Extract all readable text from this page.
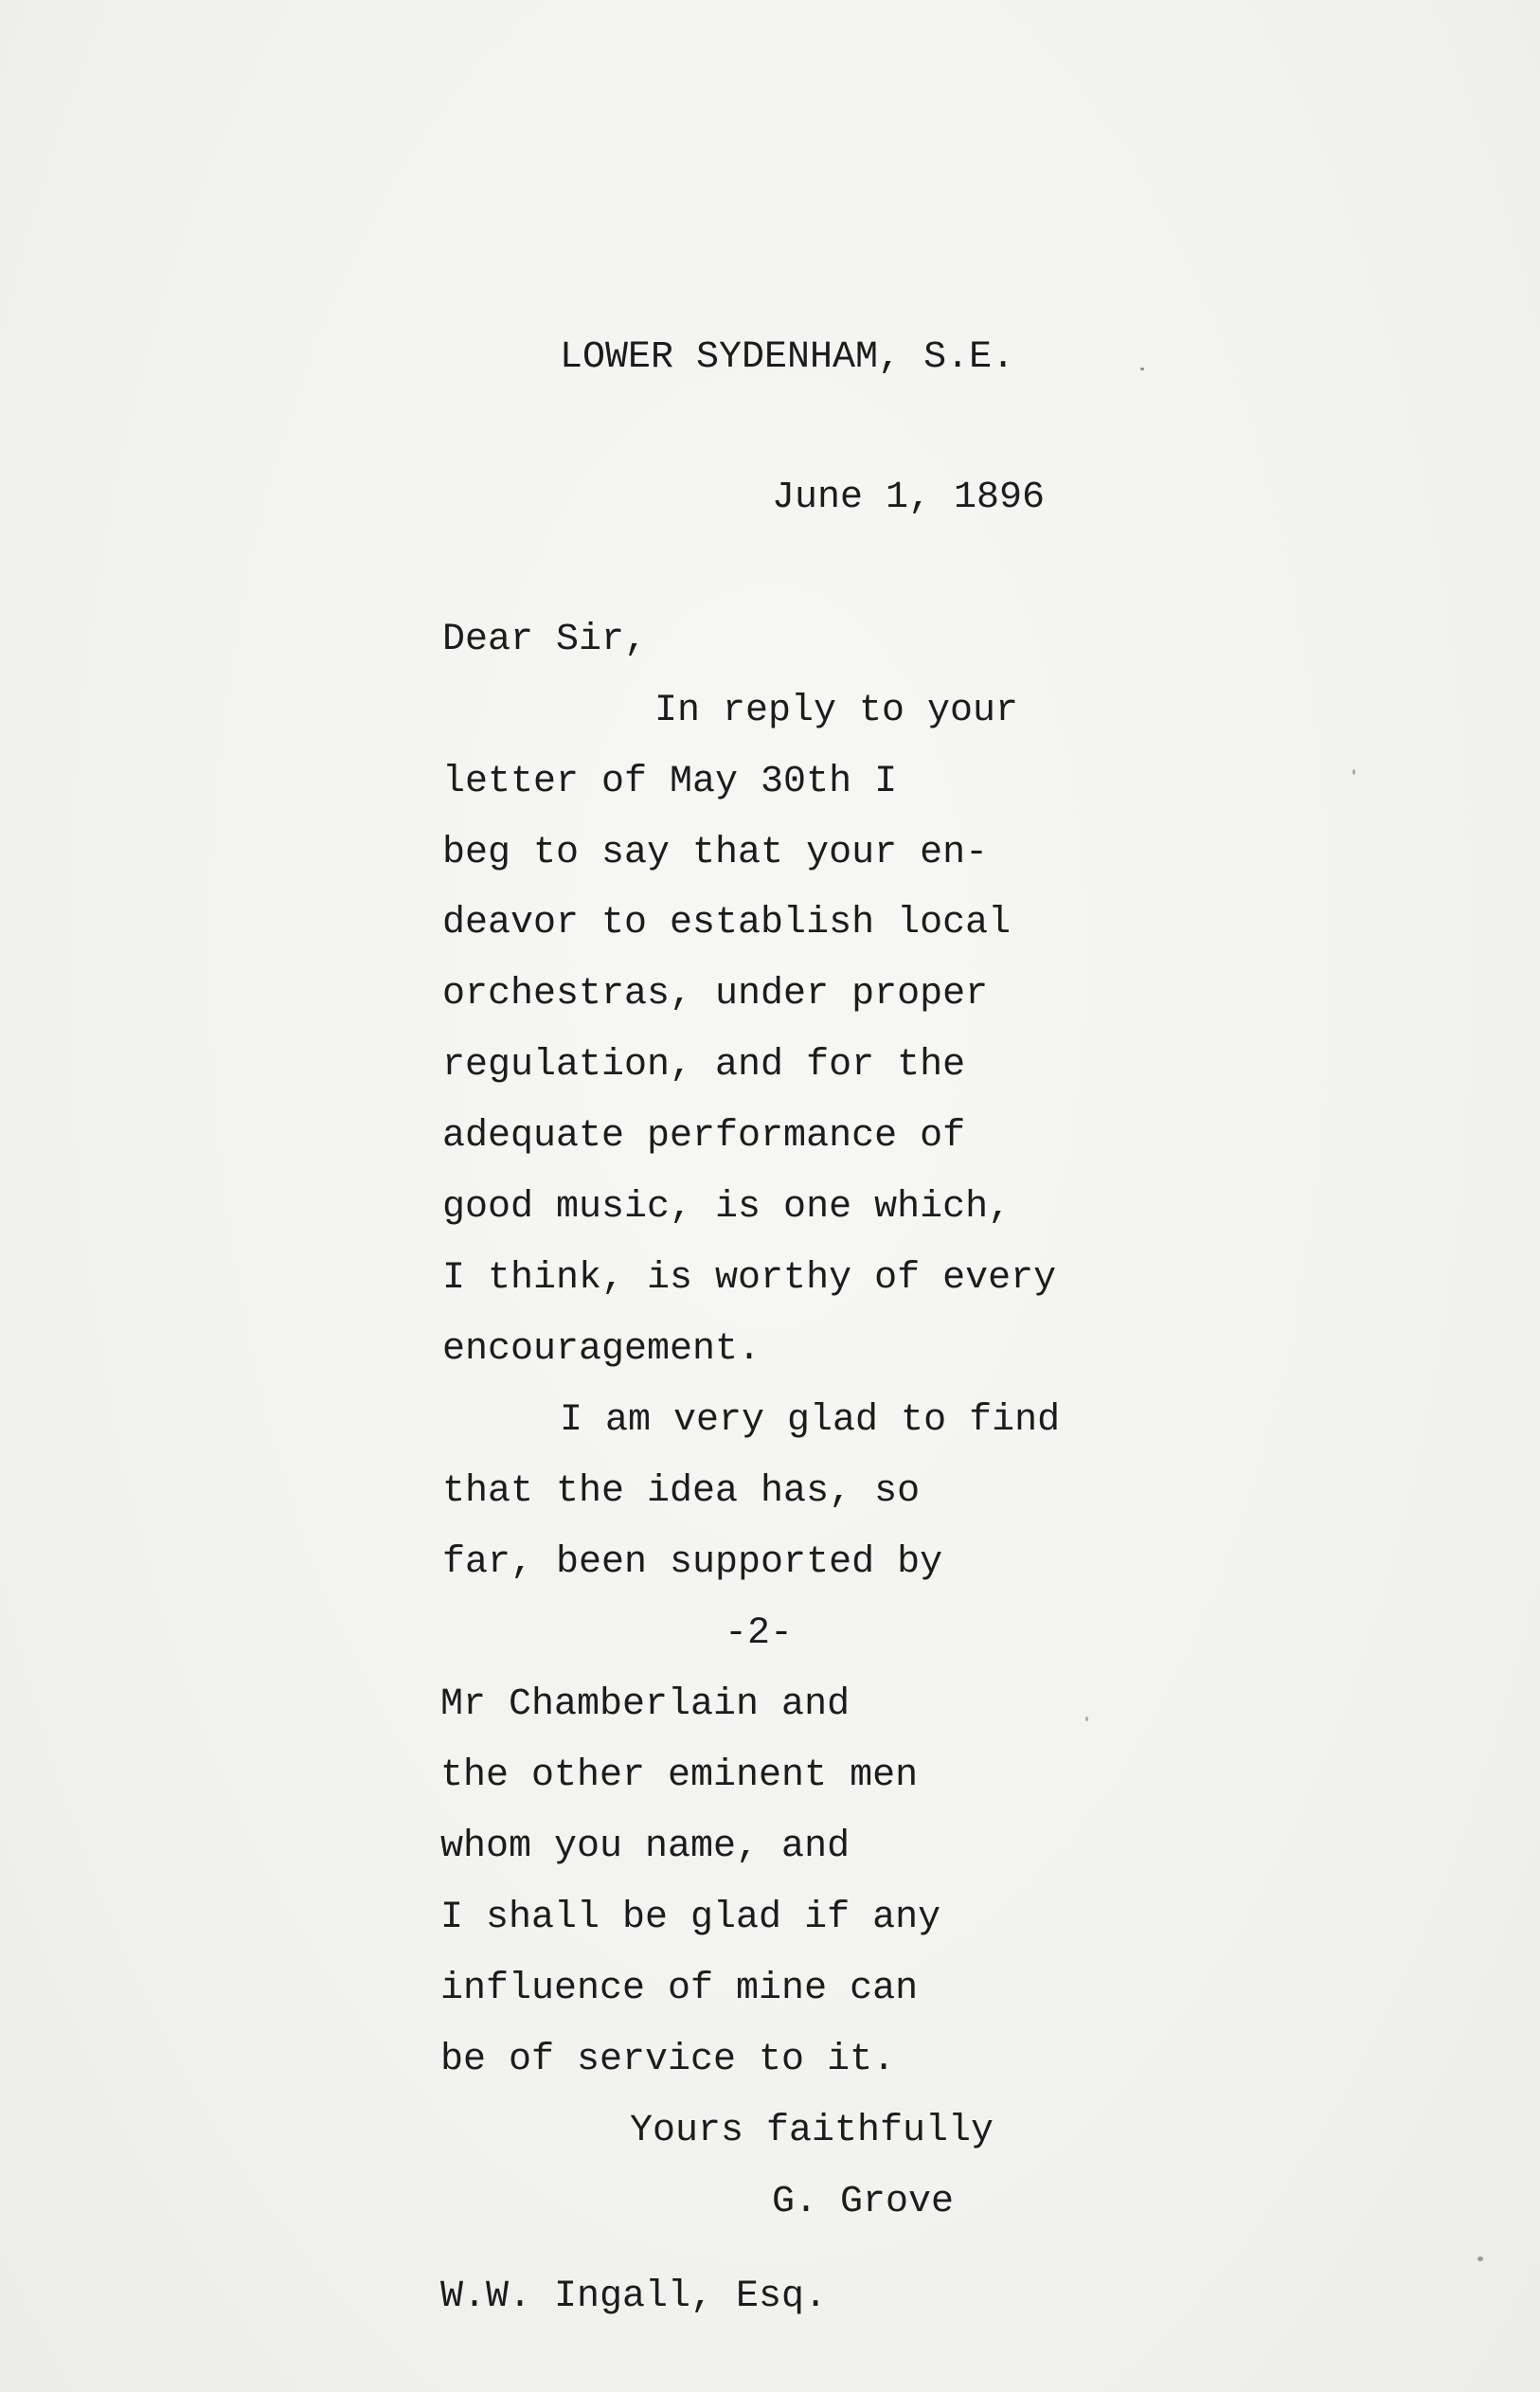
LOWER SYDENHAM, S.E.
June 1, 1896
Dear Sir,
In reply to your
letter of May 30th I
beg to say that your en-
deavor to establish local
orchestras, under proper
regulation, and for the
adequate performance of
good music, is one which,
I think, is worthy of every
encouragement.
I am very glad to find
that the idea has, so
far, been supported by
-2-
Mr Chamberlain and
the other eminent men
whom you name, and
I shall be glad if any
influence of mine can
be of service to it.
Yours faithfully
G. Grove
W.W. Ingall, Esq.
